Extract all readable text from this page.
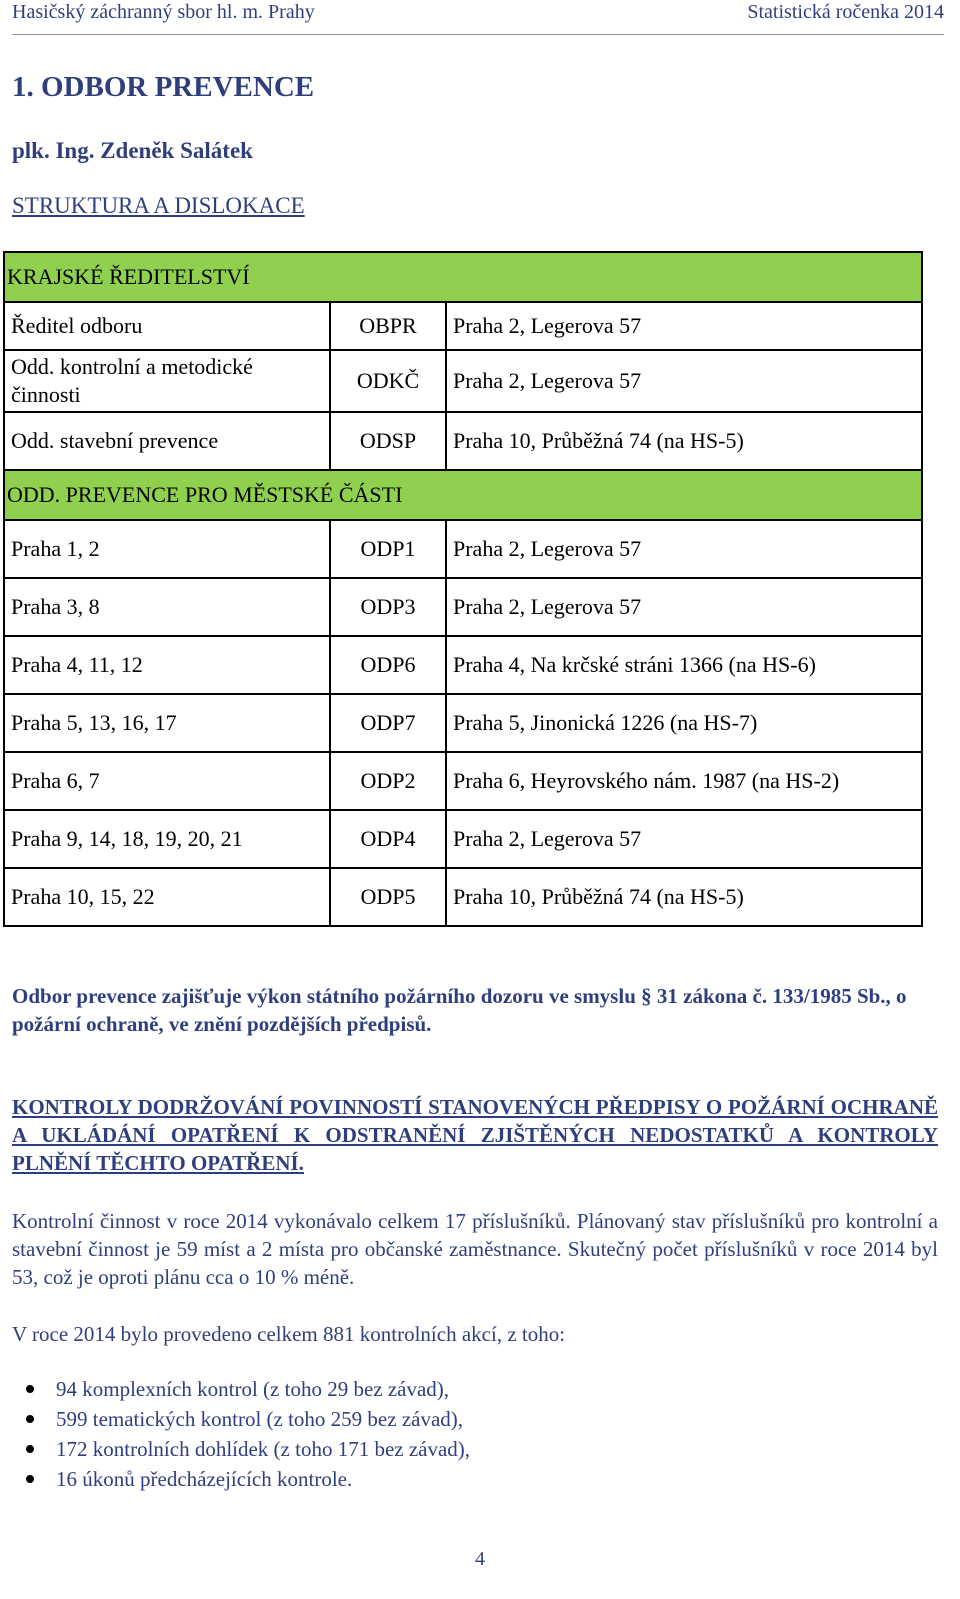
Hasičský záchranný sbor hl. m. Prahy	Statistická ročenka 2014
1. ODBOR PREVENCE
plk. Ing. Zdeněk Salátek
STRUKTURA A DISLOKACE
KRAJSKÉ ŘEDITELSTVÍ		
Ředitel odboru	OBPR	Praha 2, Legerova 57
Odd. kontrolní a metodické činnosti	ODKČ	Praha 2, Legerova 57
Odd. stavební prevence	ODSP	Praha 10, Průběžná 74 (na HS-5)
ODD. PREVENCE PRO MĚSTSKÉ ČÁSTI		
Praha 1, 2	ODP1	Praha 2, Legerova 57
Praha 3, 8	ODP3	Praha 2, Legerova 57
Praha 4, 11, 12	ODP6	Praha 4, Na krčské stráni 1366 (na HS-6)
Praha 5, 13, 16, 17	ODP7	Praha 5, Jinonická 1226 (na HS-7)
Praha 6, 7	ODP2	Praha 6, Heyrovského nám. 1987 (na HS-2)
Praha 9, 14, 18, 19, 20, 21	ODP4	Praha 2, Legerova 57
Praha 10, 15, 22	ODP5	Praha 10, Průběžná 74 (na HS-5)
Odbor prevence zajišťuje výkon státního požárního dozoru ve smyslu § 31 zákona č. 133/1985 Sb., o požární ochraně, ve znění pozdějších předpisů.
KONTROLY DODRŽOVÁNÍ POVINNOSTÍ STANOVENÝCH PŘEDPISY O POŽÁRNÍ OCHRANĚ A UKLÁDÁNÍ OPATŘENÍ K ODSTRANĚNÍ ZJIŠTĚNÝCH NEDOSTATKŮ A KONTROLY PLNĚNÍ TĚCHTO OPATŘENÍ.
Kontrolní činnost v roce 2014 vykonávalo celkem 17 příslušníků. Plánovaný stav příslušníků pro kontrolní a stavební činnost je 59 míst a 2 místa pro občanské zaměstnance. Skutečný počet příslušníků v roce 2014 byl 53, což je oproti plánu cca o 10 % méně.
V roce 2014 bylo provedeno celkem 881 kontrolních akcí, z toho:
94 komplexních kontrol (z toho 29 bez závad),
599 tematických kontrol (z toho 259 bez závad),
172 kontrolních dohlídek (z toho 171 bez závad),
16 úkonů předcházejících kontrole.
4
